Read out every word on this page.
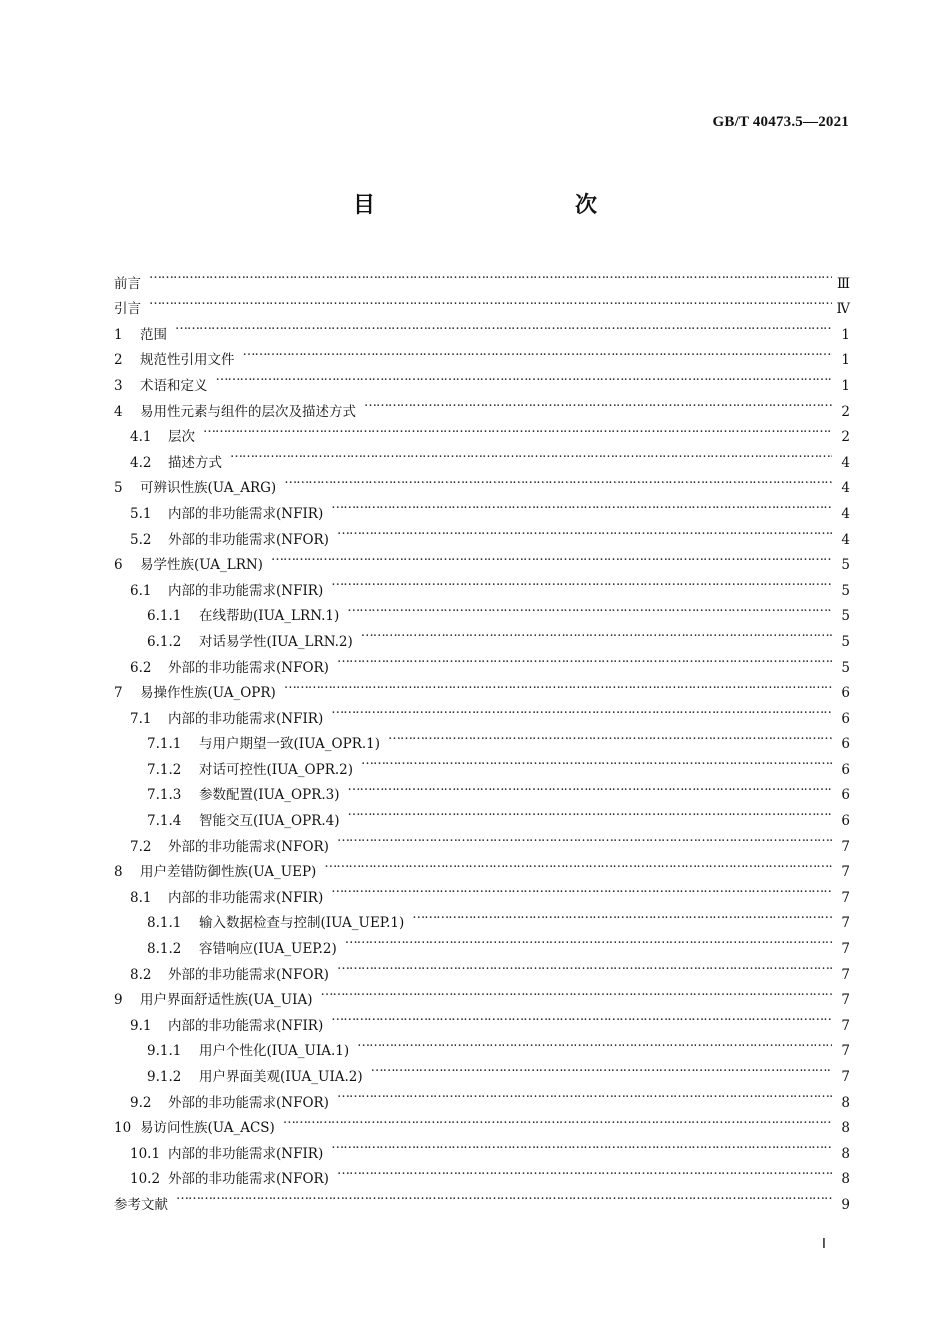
GB/T 40473.5—2021
目　　次
前言 …………………………………………………………………………………………………………………………………………………………………………………………………………………………	Ⅲ
引言 …………………………………………………………………………………………………………………………………………………………………………………………………………………………	Ⅳ
1	范围 …………………………………………………………………………………………………………………………………………………………………………………………………………………………	1
2	规范性引用文件 …………………………………………………………………………………………………………………………………………………………………………………………………………………………	1
3	术语和定义 …………………………………………………………………………………………………………………………………………………………………………………………………………………………	1
4	易用性元素与组件的层次及描述方式 …………………………………………………………………………………………………………………………………………………………………………………………………………………………	2
4.1	层次 …………………………………………………………………………………………………………………………………………………………………………………………………………………………	2
4.2	描述方式 …………………………………………………………………………………………………………………………………………………………………………………………………………………………	4
5	可辨识性族(UA_ARG) …………………………………………………………………………………………………………………………………………………………………………………………………………………………	4
5.1	内部的非功能需求(NFIR) …………………………………………………………………………………………………………………………………………………………………………………………………………………………	4
5.2	外部的非功能需求(NFOR) …………………………………………………………………………………………………………………………………………………………………………………………………………………………	4
6	易学性族(UA_LRN) …………………………………………………………………………………………………………………………………………………………………………………………………………………………	5
6.1	内部的非功能需求(NFIR) …………………………………………………………………………………………………………………………………………………………………………………………………………………………	5
6.1.1	在线帮助(IUA_LRN.1) …………………………………………………………………………………………………………………………………………………………………………………………………………………………	5
6.1.2	对话易学性(IUA_LRN.2) …………………………………………………………………………………………………………………………………………………………………………………………………………………………	5
6.2	外部的非功能需求(NFOR) …………………………………………………………………………………………………………………………………………………………………………………………………………………………	5
7	易操作性族(UA_OPR) …………………………………………………………………………………………………………………………………………………………………………………………………………………………	6
7.1	内部的非功能需求(NFIR) …………………………………………………………………………………………………………………………………………………………………………………………………………………………	6
7.1.1	与用户期望一致(IUA_OPR.1) …………………………………………………………………………………………………………………………………………………………………………………………………………………………	6
7.1.2	对话可控性(IUA_OPR.2) …………………………………………………………………………………………………………………………………………………………………………………………………………………………	6
7.1.3	参数配置(IUA_OPR.3) …………………………………………………………………………………………………………………………………………………………………………………………………………………………	6
7.1.4	智能交互(IUA_OPR.4) …………………………………………………………………………………………………………………………………………………………………………………………………………………………	6
7.2	外部的非功能需求(NFOR) …………………………………………………………………………………………………………………………………………………………………………………………………………………………	7
8	用户差错防御性族(UA_UEP) …………………………………………………………………………………………………………………………………………………………………………………………………………………………	7
8.1	内部的非功能需求(NFIR) …………………………………………………………………………………………………………………………………………………………………………………………………………………………	7
8.1.1	输入数据检查与控制(IUA_UEP.1) …………………………………………………………………………………………………………………………………………………………………………………………………………………………	7
8.1.2	容错响应(IUA_UEP.2) …………………………………………………………………………………………………………………………………………………………………………………………………………………………	7
8.2	外部的非功能需求(NFOR) …………………………………………………………………………………………………………………………………………………………………………………………………………………………	7
9	用户界面舒适性族(UA_UIA) …………………………………………………………………………………………………………………………………………………………………………………………………………………………	7
9.1	内部的非功能需求(NFIR) …………………………………………………………………………………………………………………………………………………………………………………………………………………………	7
9.1.1	用户个性化(IUA_UIA.1) …………………………………………………………………………………………………………………………………………………………………………………………………………………………	7
9.1.2	用户界面美观(IUA_UIA.2) …………………………………………………………………………………………………………………………………………………………………………………………………………………………	7
9.2	外部的非功能需求(NFOR) …………………………………………………………………………………………………………………………………………………………………………………………………………………………	8
10 易访问性族(UA_ACS) …………………………………………………………………………………………………………………………………………………………………………………………………………………………	8
10.1 内部的非功能需求(NFIR) …………………………………………………………………………………………………………………………………………………………………………………………………………………………	8
10.2 外部的非功能需求(NFOR) …………………………………………………………………………………………………………………………………………………………………………………………………………………………	8
参考文献 …………………………………………………………………………………………………………………………………………………………………………………………………………………………	9
Ⅰ
